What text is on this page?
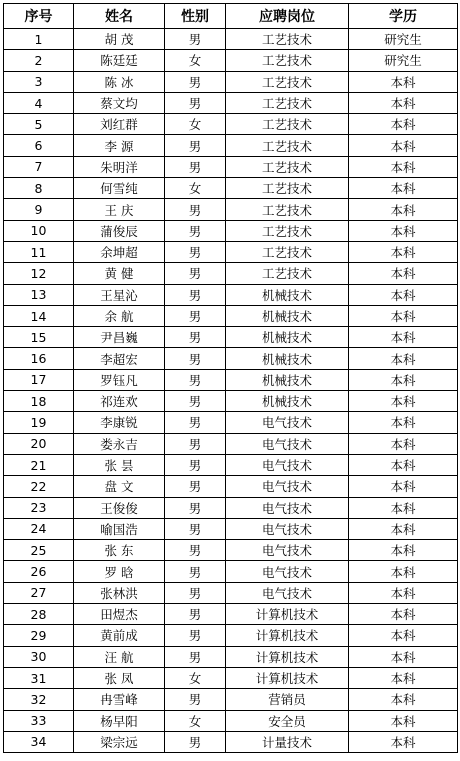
序号	姓名	性别	应聘岗位	学历
1	胡 茂	男	工艺技术	研究生
2	陈廷廷	女	工艺技术	研究生
3	陈 冰	男	工艺技术	本科
4	蔡文均	男	工艺技术	本科
5	刘红群	女	工艺技术	本科
6	李 源	男	工艺技术	本科
7	朱明洋	男	工艺技术	本科
8	何雪纯	女	工艺技术	本科
9	王 庆	男	工艺技术	本科
10	蒲俊辰	男	工艺技术	本科
11	余坤超	男	工艺技术	本科
12	黄 健	男	工艺技术	本科
13	王星沁	男	机械技术	本科
14	余 航	男	机械技术	本科
15	尹昌巍	男	机械技术	本科
16	李超宏	男	机械技术	本科
17	罗钰凡	男	机械技术	本科
18	祁连欢	男	机械技术	本科
19	李康锐	男	电气技术	本科
20	娄永吉	男	电气技术	本科
21	张 昙	男	电气技术	本科
22	盘 文	男	电气技术	本科
23	王俊俊	男	电气技术	本科
24	喻国浩	男	电气技术	本科
25	张 东	男	电气技术	本科
26	罗 晗	男	电气技术	本科
27	张林洪	男	电气技术	本科
28	田煜杰	男	计算机技术	本科
29	黄前成	男	计算机技术	本科
30	汪 航	男	计算机技术	本科
31	张 凤	女	计算机技术	本科
32	冉雪峰	男	营销员	本科
33	杨早阳	女	安全员	本科
34	梁宗远	男	计量技术	本科
